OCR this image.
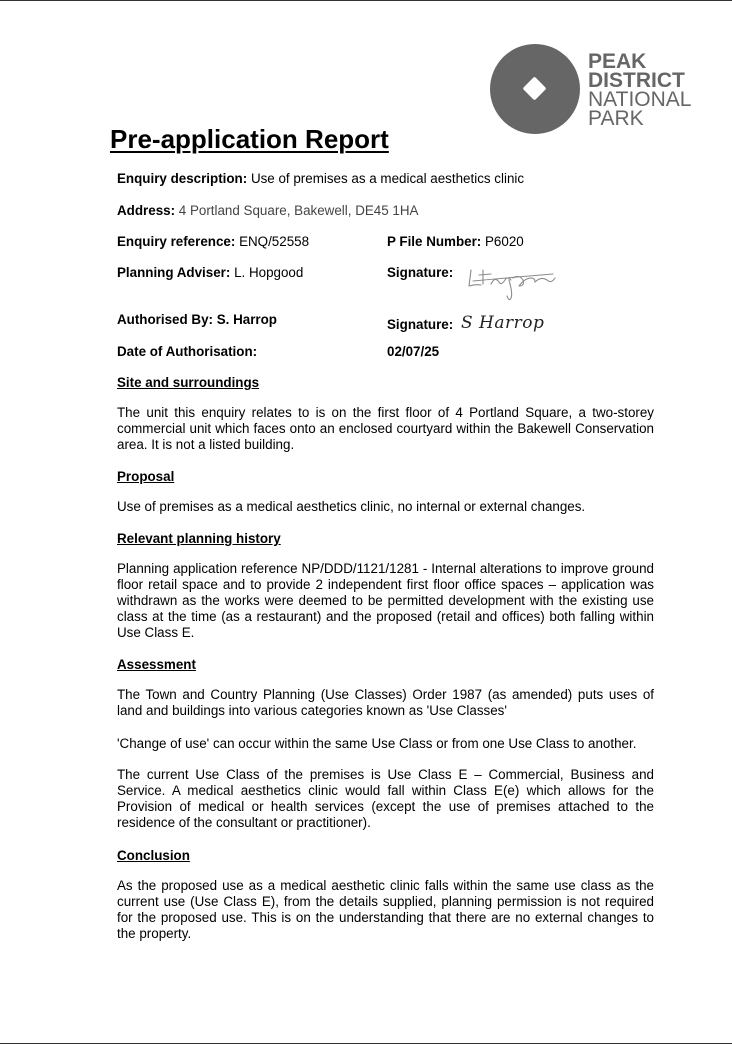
PEAK
DISTRICT
NATIONAL
PARK
Pre-application Report
Enquiry description: Use of premises as a medical aesthetics clinic
Address: 4 Portland Square, Bakewell, DE45 1HA
Enquiry reference: ENQ/52558	P File Number: P6020
Planning Adviser: L. Hopgood	Signature:
Authorised By: S. Harrop	Signature: S Harrop
Date of Authorisation:	02/07/25
Site and surroundings

The unit this enquiry relates to is on the first floor of 4 Portland Square, a two-storey commercial unit which faces onto an enclosed courtyard within the Bakewell Conservation area. It is not a listed building.

Proposal

Use of premises as a medical aesthetics clinic, no internal or external changes.

Relevant planning history

Planning application reference NP/DDD/1121/1281 - Internal alterations to improve ground floor retail space and to provide 2 independent first floor office spaces – application was withdrawn as the works were deemed to be permitted development with the existing use class at the time (as a restaurant) and the proposed (retail and offices) both falling within Use Class E.

Assessment

The Town and Country Planning (Use Classes) Order 1987 (as amended) puts uses of land and buildings into various categories known as 'Use Classes'

'Change of use' can occur within the same Use Class or from one Use Class to another.

The current Use Class of the premises is Use Class E – Commercial, Business and Service. A medical aesthetics clinic would fall within Class E(e) which allows for the Provision of medical or health services (except the use of premises attached to the residence of the consultant or practitioner).

Conclusion

As the proposed use as a medical aesthetic clinic falls within the same use class as the current use (Use Class E), from the details supplied, planning permission is not required for the proposed use. This is on the understanding that there are no external changes to the property.
